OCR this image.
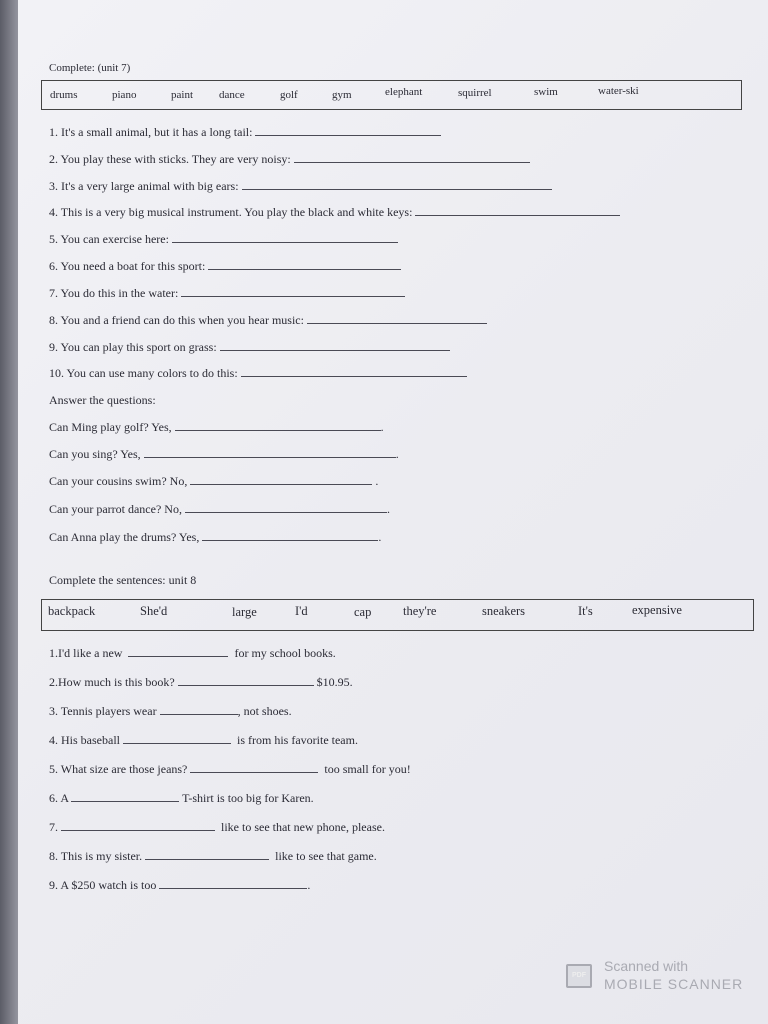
Complete: (unit 7)
drums	piano	paint dance	golf	gym	elephant	squirrel	swim	water-ski
1. It's a small animal, but it has a long tail:
2. You play these with sticks. They are very noisy:
3. It's a very large animal with big ears:
4. This is a very big musical instrument. You play the black and white keys:
5. You can exercise here:
6. You need a boat for this sport:
7. You do this in the water:
8. You and a friend can do this when you hear music:
9. You can play this sport on grass:
10. You can use many colors to do this:
Answer the questions:
Can Ming play golf? Yes,	.
Can you sing? Yes,	.
Can your cousins swim? No,	.
Can your parrot dance? No,	.
Can Anna play the drums? Yes,	.
Complete the sentences: unit 8
backpack	She'd	large	I'd	cap	they're	sneakers	It's	expensive
1.I'd like a new	for my school books.
2.How much is this book?	$10.95.
3. Tennis players wear	, not shoes.
4. His baseball	is from his favorite team.
5. What size are those jeans?	too small for you!
6. A	T-shirt is too big for Karen.
7.	like to see that new phone, please.
8. This is my sister.	like to see that game.
9. A $250 watch is too	.
PDF
Scanned with
MOBILE SCANNER
